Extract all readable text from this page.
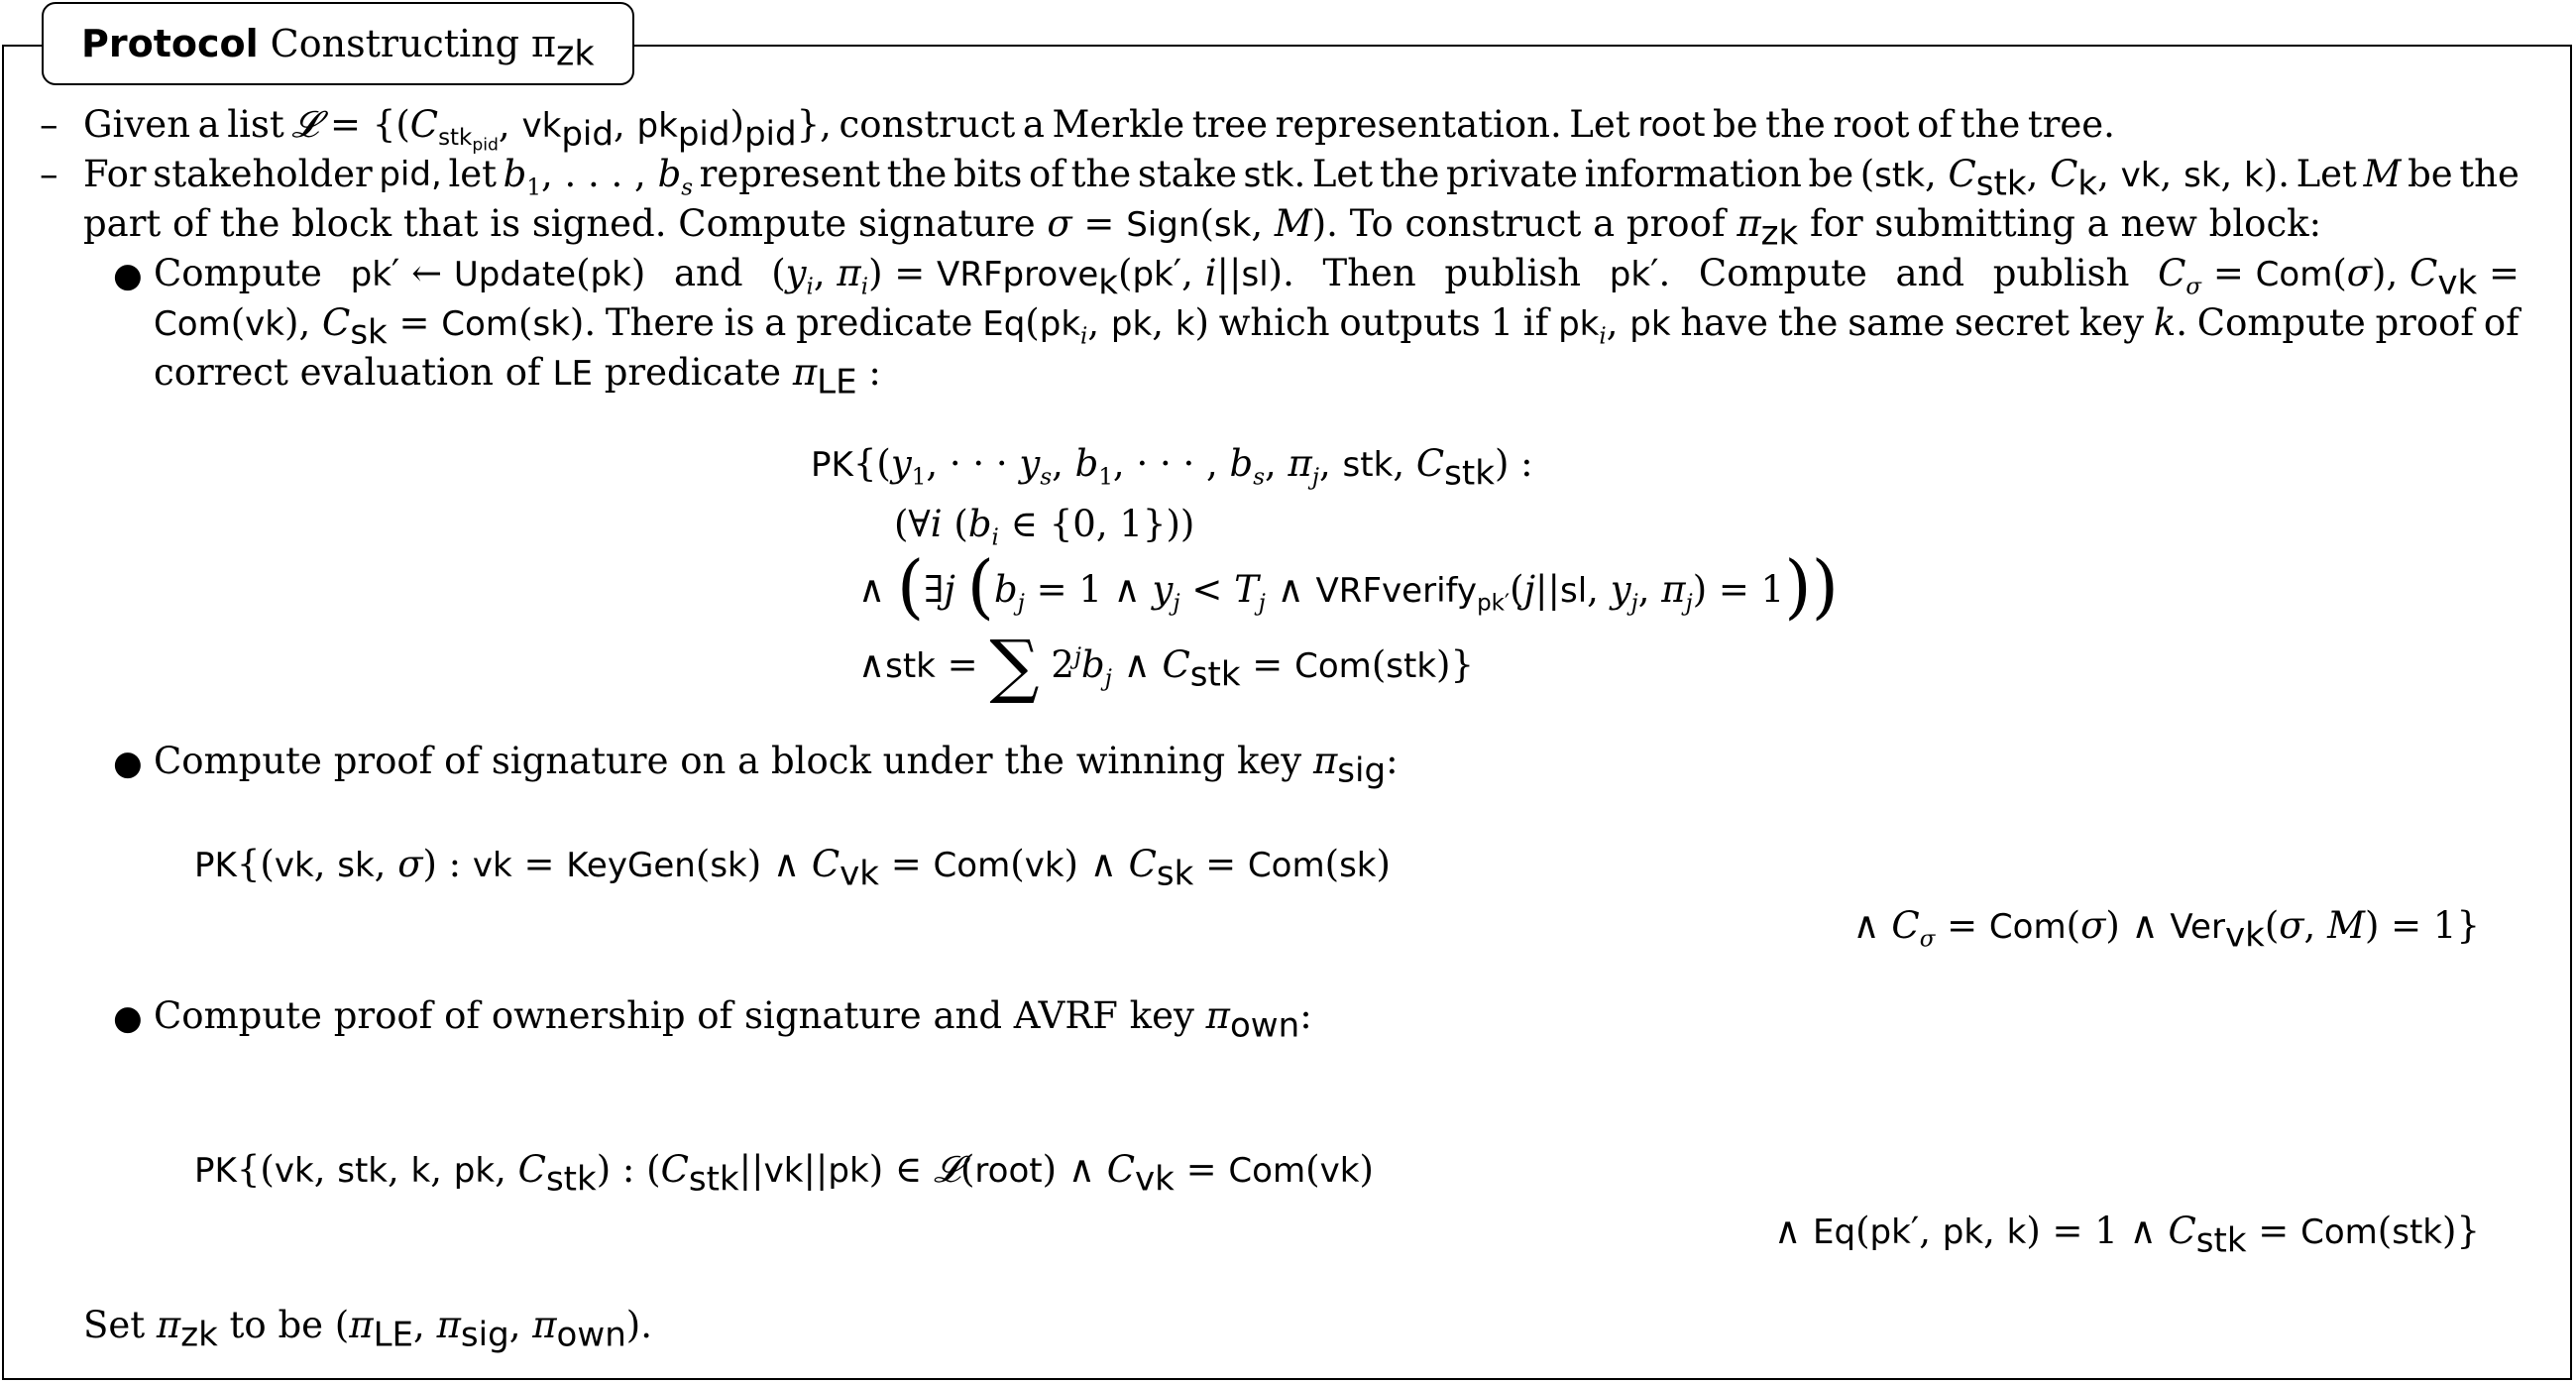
Protocol Constructing $\pi_{zk}$
– Given a list 𝓛 = {($C_{stk_{pid}}$, $vk_{pid}$, $pk_{pid})_{pid}$}, construct a Merkle tree representation. Let root be the root of the tree.
– For stakeholder pid, let $b_1$, . . . , $b_s$ represent the bits of the stake stk. Let the private information be (stk, $C_{stk}$, $C_k$, vk, sk, k). Let M be the
part of the block that is signed. Compute signature σ = Sign(sk, M). To construct a proof $\pi_{zk}$ for submitting a new block:
● Compute pk′ ← Update(pk) and ($y_i$, $\pi_i$) = VRFprove$_k$(pk′, i||sl). Then publish pk′. Compute and publish $C_\sigma = Com(\sigma)$, $C_{vk}$ =
Com(vk), $C_{sk} = Com(sk)$. There is a predicate $Eq(pk_i$, pk, k) which outputs 1 if $pk_i$, pk have the same secret key k. Compute proof of
correct evaluation of LE predicate $\pi_{LE}$ :
$PK\{(y_1$, · · · $y_s$, $b_1$, · · · , $b_s$, $\pi_j$, stk, $C_{stk}$) :
(∀i ($b_i$ ∈ {0, 1}))
∧ (∃j ($b_j = 1$ ∧ $y_j < T_j$ ∧ VRFverify$_{pk'}$(j||sl, $y_j$, $\pi_j) = 1$))
∧stk = ∑ $2^jb_j$ ∧ $C_{stk} = Com(stk)$}
● Compute proof of signature on a block under the winning key $\pi_{sig}$:
PK{(vk, sk, σ) : vk = KeyGen(sk) ∧ $C_{vk} = Com(vk)$ ∧ $C_{sk} = Com(sk)$
∧ $C_\sigma = Com(\sigma)$ ∧ Ver$_{vk}$(σ, M) = 1}
● Compute proof of ownership of signature and AVRF key $\pi_{own}$:
PK{(vk, stk, k, pk, $C_{stk}$) : $(C_{stk}||vk||pk)$ ∈ 𝓛(root) ∧ $C_{vk} = Com(vk)$
∧ Eq(pk′, pk, k) = 1 ∧ $C_{stk} = Com(stk)$}
Set $\pi_{zk}$ to be ($\pi_{LE}$, $\pi_{sig}$, $\pi_{own}$).
